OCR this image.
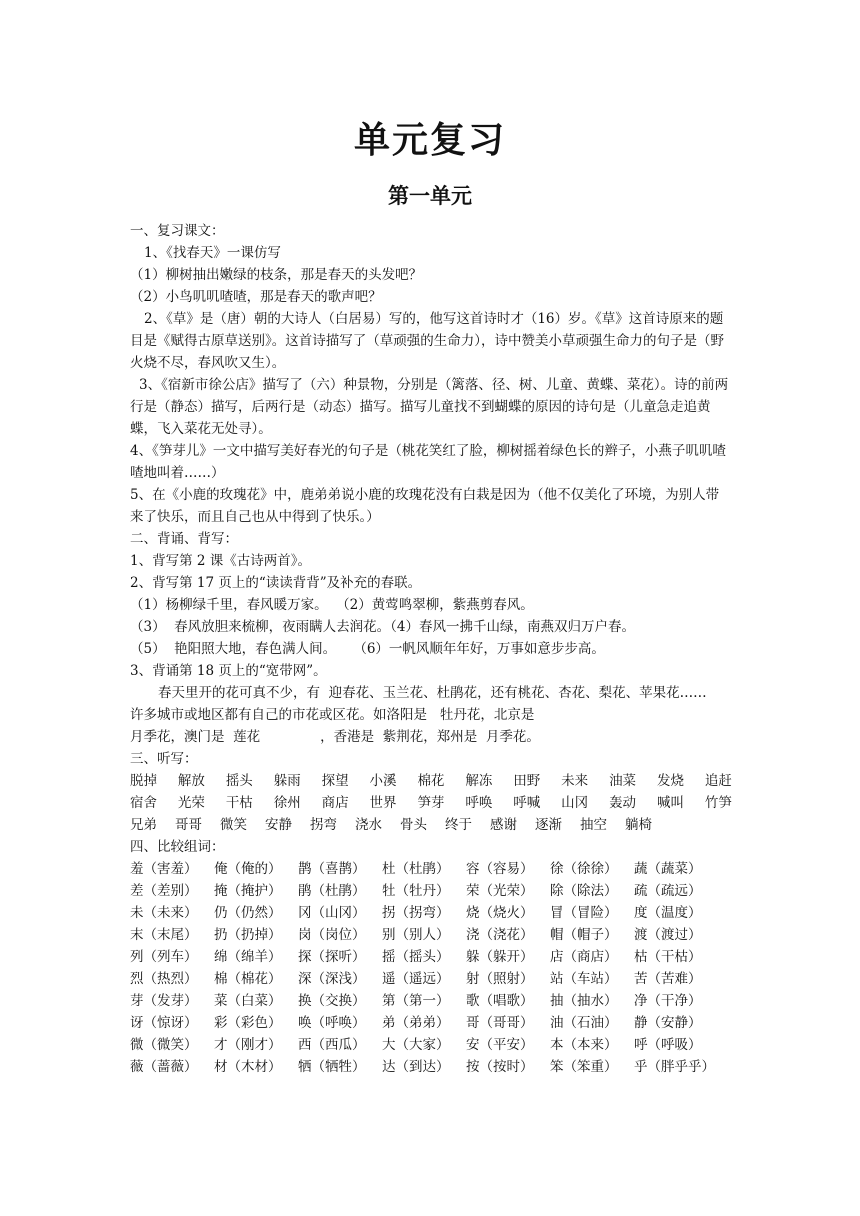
单元复习
第一单元

一、复习课文：

1、《找春天》一课仿写

（1）柳树抽出嫩绿的枝条，那是春天的头发吧？

（2）小鸟叽叽喳喳，那是春天的歌声吧？

2、《草》是（唐）朝的大诗人（白居易）写的，他写这首诗时才（16）岁。《草》这首诗原来的题目是《赋得古原草送别》。这首诗描写了（草顽强的生命力），诗中赞美小草顽强生命力的句子是（野火烧不尽，春风吹又生）。

3、《宿新市徐公店》描写了（六）种景物，分别是（篱落、径、树、儿童、黄蝶、菜花）。诗的前两行是（静态）描写，后两行是（动态）描写。描写儿童找不到蝴蝶的原因的诗句是（儿童急走追黄蝶，飞入菜花无处寻）。

4、《笋芽儿》一文中描写美好春光的句子是（桃花笑红了脸，柳树摇着绿色长的辫子，小燕子叽叽喳喳地叫着……）

5、在《小鹿的玫瑰花》中，鹿弟弟说小鹿的玫瑰花没有白栽是因为（他不仅美化了环境，为别人带来了快乐，而且自己也从中得到了快乐。）

二、背诵、背写：

1、背写第 2 课《古诗两首》。

2、背写第 17 页上的“读读背背”及补充的春联。

（1）杨柳绿千里，春风暖万家。  （2）黄莺鸣翠柳，紫燕剪春风。

（3）  春风放胆来梳柳，夜雨瞒人去润花。（4）春风一拂千山绿，南燕双归万户春。

（5）  艳阳照大地，春色满人间。    （6）一帆风顺年年好，万事如意步步高。

3、背诵第 18 页上的“宽带网”。

春天里开的花可真不少，有  迎春花、玉兰花、杜鹃花，还有桃花、杏花、梨花、苹果花……    许多城市或地区都有自己的市花或区花。如洛阳是   牡丹花，北京是

月季花，澳门是  莲花              ，香港是  紫荆花，郑州是  月季花。

三、听写：

脱掉 解放 摇头 躲雨 探望 小溪 棉花 解冻 田野 未来 油菜 发烧 追赶
宿舍 光荣 干枯 徐州 商店 世界 笋芽 呼唤 呼喊 山冈 轰动 喊叫 竹笋
兄弟 哥哥 微笑 安静 拐弯 浇水 骨头 终于 感谢 逐渐 抽空 躺椅

四、比较组词：

羞（害羞） 俺（俺的） 鹊（喜鹊） 杜（杜鹃） 容（容易） 徐（徐徐） 蔬（蔬菜）
差（差别） 掩（掩护） 鹃（杜鹃） 牡（牡丹） 荣（光荣） 除（除法） 疏（疏远）
未（未来） 仍（仍然） 冈（山冈） 拐（拐弯） 烧（烧火） 冒（冒险） 度（温度）
末（末尾） 扔（扔掉） 岗（岗位） 别（别人） 浇（浇花） 帽（帽子） 渡（渡过）
列（列车） 绵（绵羊） 探（探听） 摇（摇头） 躲（躲开） 店（商店） 枯（干枯）
烈（热烈） 棉（棉花） 深（深浅） 遥（遥远） 射（照射） 站（车站） 苦（苦难）
芽（发芽） 菜（白菜） 换（交换） 第（第一） 歌（唱歌） 抽（抽水） 净（干净）
讶（惊讶） 彩（彩色） 唤（呼唤） 弟（弟弟） 哥（哥哥） 油（石油） 静（安静）
微（微笑） 才（刚才） 西（西瓜） 大（大家） 安（平安） 本（本来） 呼（呼吸）
薇（蔷薇） 材（木材） 牺（牺牲） 达（到达） 按（按时） 笨（笨重） 乎（胖乎乎）
